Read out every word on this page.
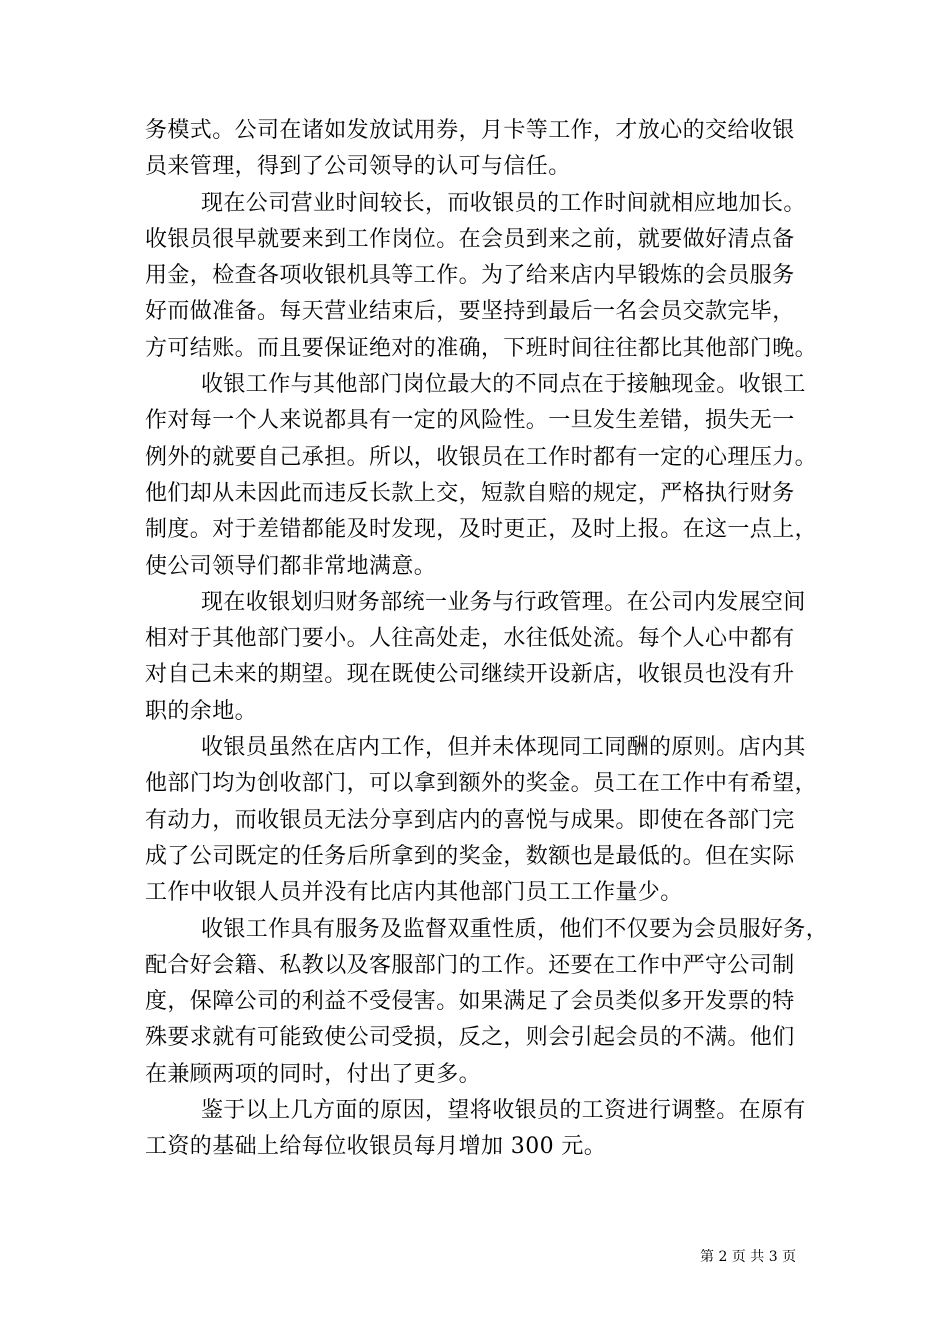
务模式。公司在诸如发放试用券，月卡等工作，才放心的交给收银
员来管理，得到了公司领导的认可与信任。
现在公司营业时间较长，而收银员的工作时间就相应地加长。
收银员很早就要来到工作岗位。在会员到来之前，就要做好清点备
用金，检查各项收银机具等工作。为了给来店内早锻炼的会员服务
好而做准备。每天营业结束后，要坚持到最后一名会员交款完毕，
方可结账。而且要保证绝对的准确，下班时间往往都比其他部门晚。
收银工作与其他部门岗位最大的不同点在于接触现金。收银工
作对每一个人来说都具有一定的风险性。一旦发生差错，损失无一
例外的就要自己承担。所以，收银员在工作时都有一定的心理压力。
他们却从未因此而违反长款上交，短款自赔的规定，严格执行财务
制度。对于差错都能及时发现，及时更正，及时上报。在这一点上，
使公司领导们都非常地满意。
现在收银划归财务部统一业务与行政管理。在公司内发展空间
相对于其他部门要小。人往高处走，水往低处流。每个人心中都有
对自己未来的期望。现在既使公司继续开设新店，收银员也没有升
职的余地。
收银员虽然在店内工作，但并未体现同工同酬的原则。店内其
他部门均为创收部门，可以拿到额外的奖金。员工在工作中有希望，
有动力，而收银员无法分享到店内的喜悦与成果。即使在各部门完
成了公司既定的任务后所拿到的奖金，数额也是最低的。但在实际
工作中收银人员并没有比店内其他部门员工工作量少。
收银工作具有服务及监督双重性质，他们不仅要为会员服好务，
配合好会籍、私教以及客服部门的工作。还要在工作中严守公司制
度，保障公司的利益不受侵害。如果满足了会员类似多开发票的特
殊要求就有可能致使公司受损，反之，则会引起会员的不满。他们
在兼顾两项的同时，付出了更多。
鉴于以上几方面的原因，望将收银员的工资进行调整。在原有
工资的基础上给每位收银员每月增加 300 元。
第 2 页 共 3 页
